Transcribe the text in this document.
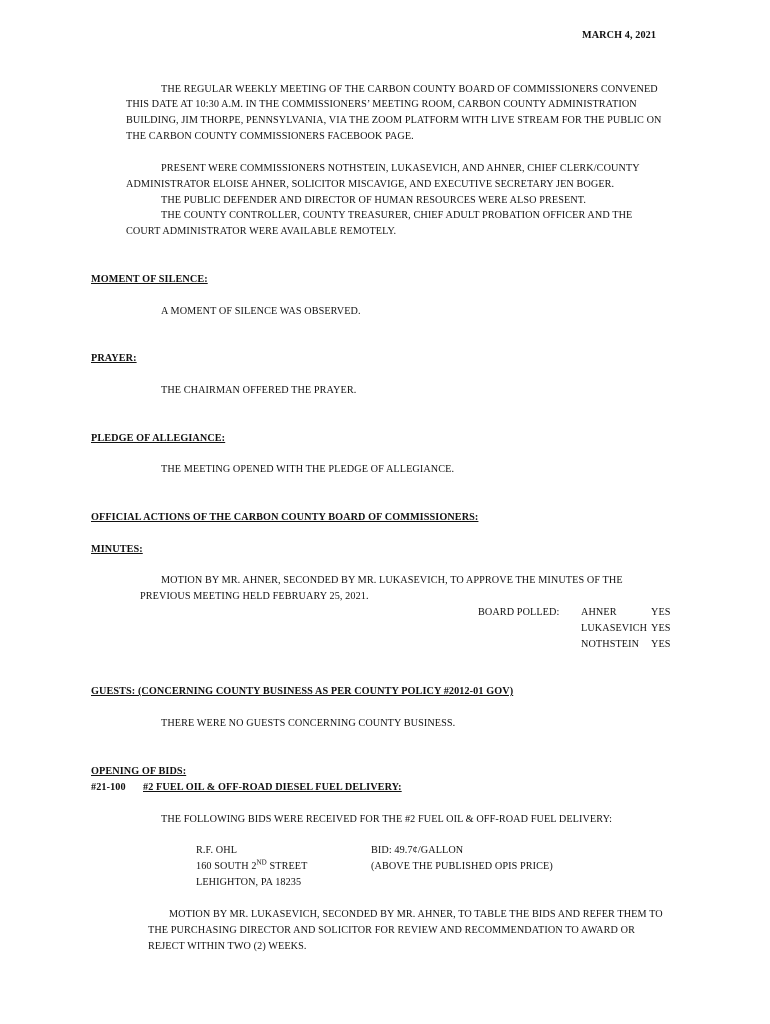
MARCH 4, 2021
THE REGULAR WEEKLY MEETING OF THE CARBON COUNTY BOARD OF COMMISSIONERS CONVENED
THIS DATE AT 10:30 A.M. IN THE COMMISSIONERS’ MEETING ROOM, CARBON COUNTY ADMINISTRATION
BUILDING, JIM THORPE, PENNSYLVANIA, VIA THE ZOOM PLATFORM WITH LIVE STREAM FOR THE PUBLIC ON
THE CARBON COUNTY COMMISSIONERS FACEBOOK PAGE.
PRESENT WERE COMMISSIONERS NOTHSTEIN, LUKASEVICH, AND AHNER, CHIEF CLERK/COUNTY
ADMINISTRATOR ELOISE AHNER, SOLICITOR MISCAVIGE, AND EXECUTIVE SECRETARY JEN BOGER.
THE PUBLIC DEFENDER AND DIRECTOR OF HUMAN RESOURCES WERE ALSO PRESENT.
THE COUNTY CONTROLLER, COUNTY TREASURER, CHIEF ADULT PROBATION OFFICER AND THE
COURT ADMINISTRATOR WERE AVAILABLE REMOTELY.
MOMENT OF SILENCE:
A MOMENT OF SILENCE WAS OBSERVED.
PRAYER:
THE CHAIRMAN OFFERED THE PRAYER.
PLEDGE OF ALLEGIANCE:
THE MEETING OPENED WITH THE PLEDGE OF ALLEGIANCE.
OFFICIAL ACTIONS OF THE CARBON COUNTY BOARD OF COMMISSIONERS:
MINUTES:
MOTION BY MR. AHNER, SECONDED BY MR. LUKASEVICH, TO APPROVE THE MINUTES OF THE
PREVIOUS MEETING HELD FEBRUARY 25, 2021.
BOARD POLLED: AHNER	YES
LUKASEVICH YES
NOTHSTEIN YES
GUESTS: (CONCERNING COUNTY BUSINESS AS PER COUNTY POLICY #2012-01 GOV)
THERE WERE NO GUESTS CONCERNING COUNTY BUSINESS.
OPENING OF BIDS:
#21-100 #2 FUEL OIL & OFF-ROAD DIESEL FUEL DELIVERY:
THE FOLLOWING BIDS WERE RECEIVED FOR THE #2 FUEL OIL & OFF-ROAD FUEL DELIVERY:
R.F. OHL
160 SOUTH 2ND STREET
LEHIGHTON, PA 18235
BID: 49.7¢/GALLON
(ABOVE THE PUBLISHED OPIS PRICE)
MOTION BY MR. LUKASEVICH, SECONDED BY MR. AHNER, TO TABLE THE BIDS AND REFER THEM TO
THE PURCHASING DIRECTOR AND SOLICITOR FOR REVIEW AND RECOMMENDATION TO AWARD OR
REJECT WITHIN TWO (2) WEEKS.
